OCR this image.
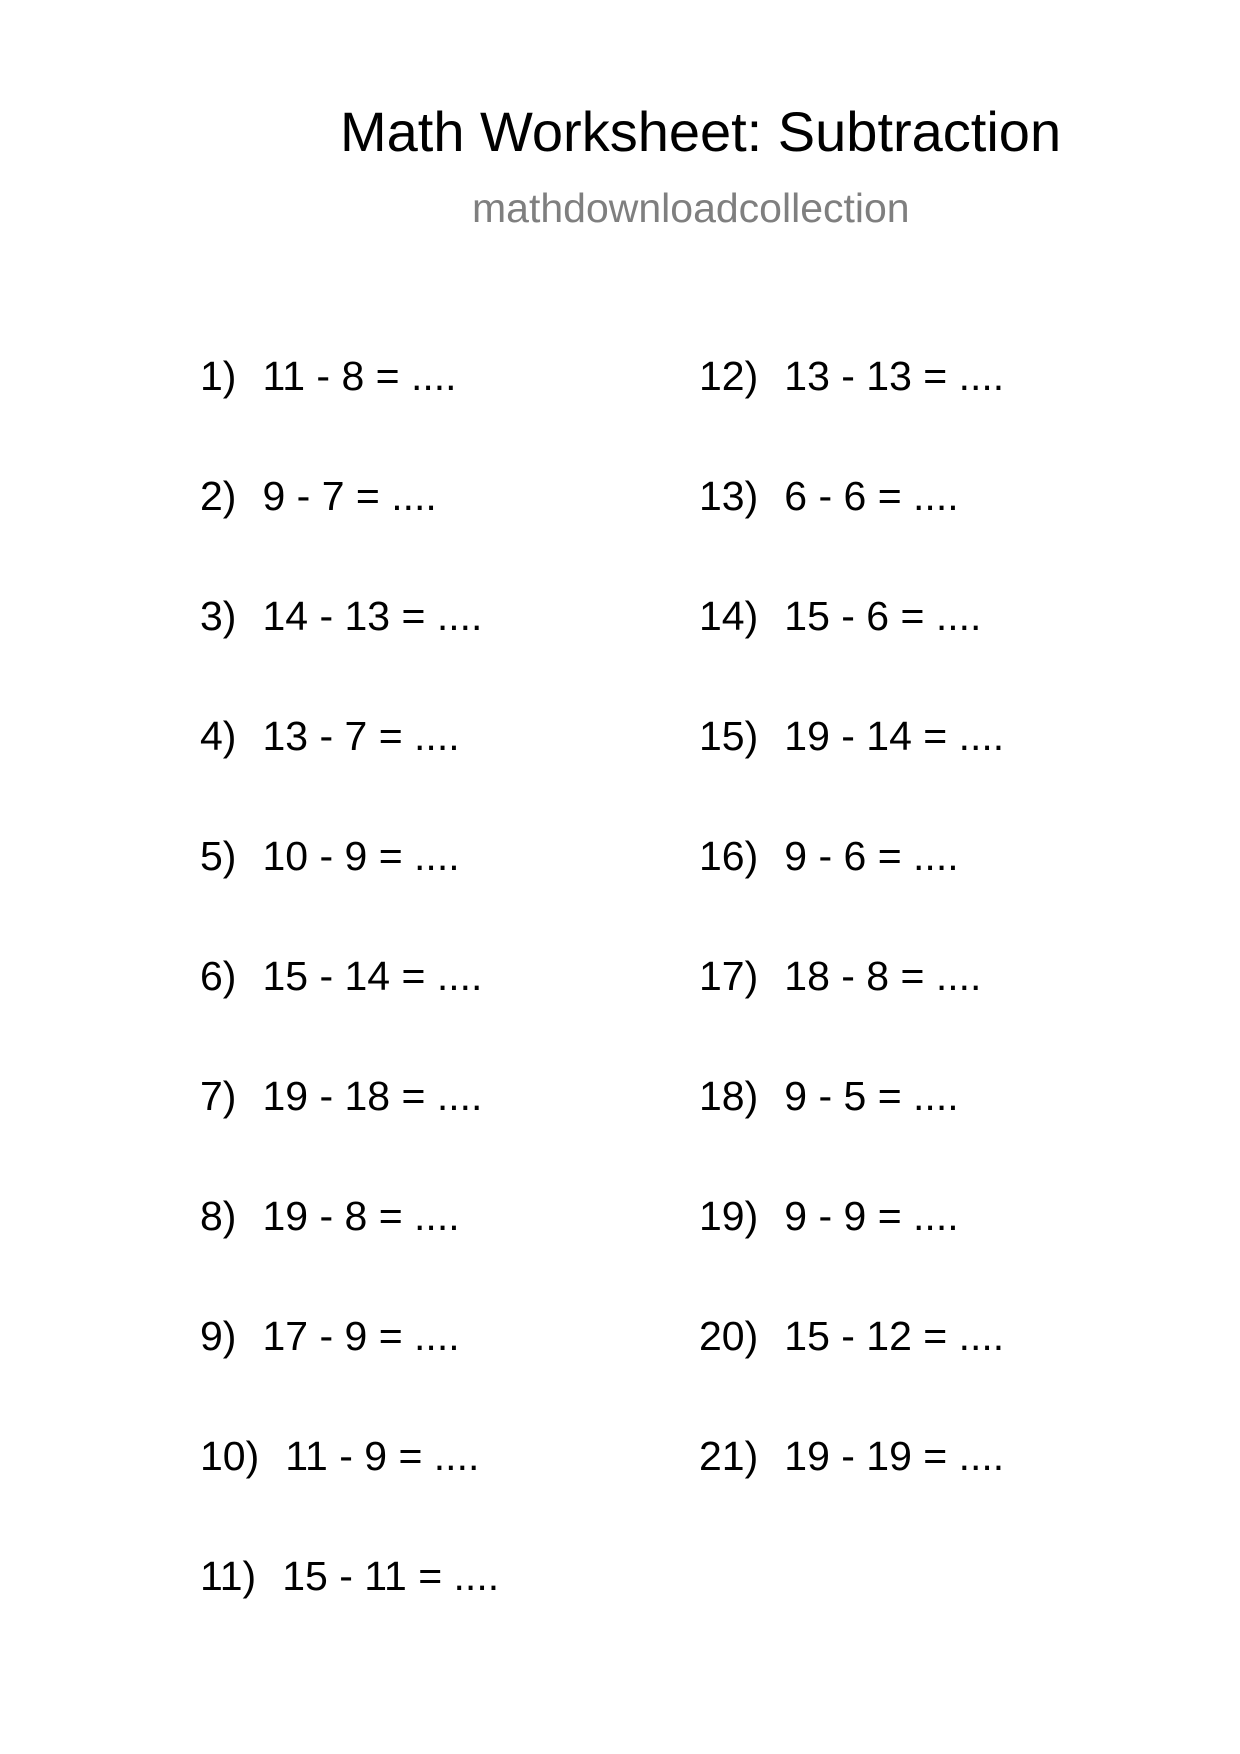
Math Worksheet: Subtraction
mathdownloadcollection
1) 11 - 8 = ....
2) 9 - 7 = ....
3) 14 - 13 = ....
4) 13 - 7 = ....
5) 10 - 9 = ....
6) 15 - 14 = ....
7) 19 - 18 = ....
8) 19 - 8 = ....
9) 17 - 9 = ....
10) 11 - 9 = ....
11) 15 - 11 = ....
12) 13 - 13 = ....
13) 6 - 6 = ....
14) 15 - 6 = ....
15) 19 - 14 = ....
16) 9 - 6 = ....
17) 18 - 8 = ....
18) 9 - 5 = ....
19) 9 - 9 = ....
20) 15 - 12 = ....
21) 19 - 19 = ....
